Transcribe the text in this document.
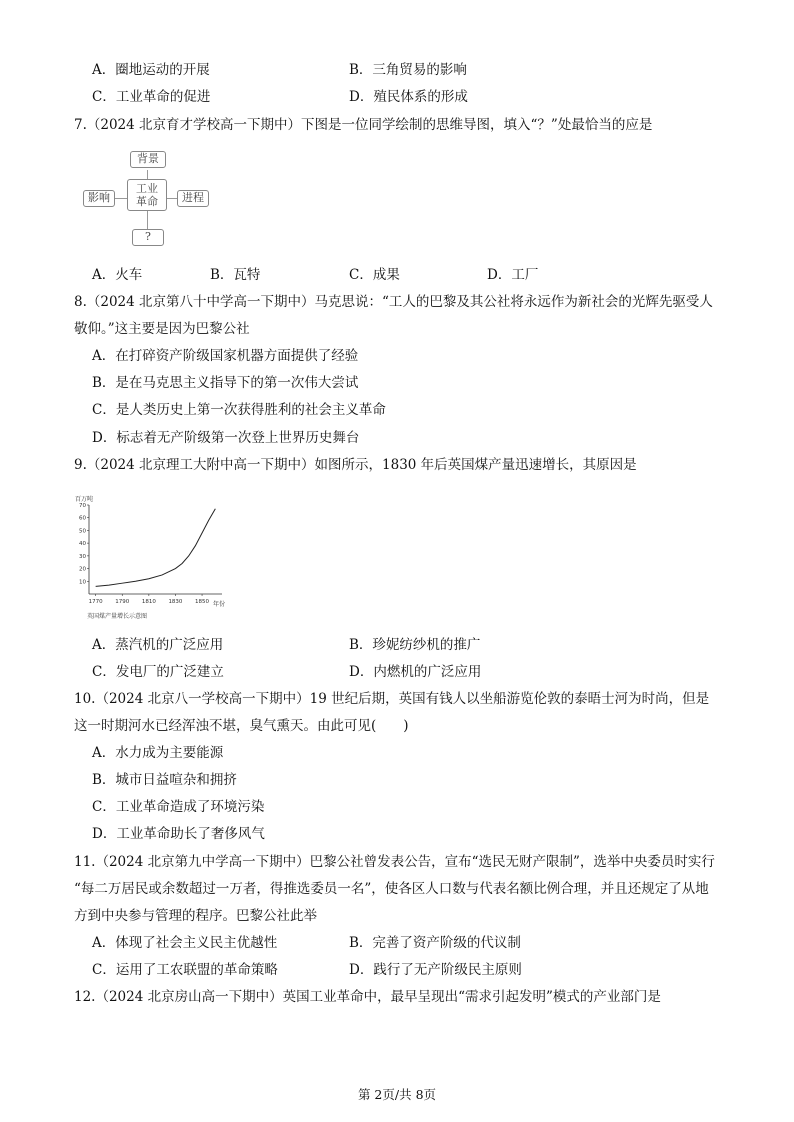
A．圈地运动的开展	B．三角贸易的影响
C．工业革命的促进	D．殖民体系的形成
7.（2024 北京育才学校高一下期中）下图是一位同学绘制的思维导图，填入“？”处最恰当的应是
背景
影响
工业
革命	进程
?
A．火车	B．瓦特	C．成果	D．工厂
8.（2024 北京第八十中学高一下期中）马克思说：“工人的巴黎及其公社将永远作为新社会的光辉先驱受人
敬仰。”这主要是因为巴黎公社
A．在打碎资产阶级国家机器方面提供了经验
B．是在马克思主义指导下的第一次伟大尝试
C．是人类历史上第一次获得胜利的社会主义革命
D．标志着无产阶级第一次登上世界历史舞台
9.（2024 北京理工大附中高一下期中）如图所示，1830 年后英国煤产量迅速增长，其原因是
百万吨
10
20
30
40
50
60
70
1770 1790 1810 1830 1850 年份
英国煤产量增长示意图
A．蒸汽机的广泛应用	B．珍妮纺纱机的推广
C．发电厂的广泛建立	D．内燃机的广泛应用
10.（2024 北京八一学校高一下期中）19 世纪后期，英国有钱人以坐船游览伦敦的泰晤士河为时尚，但是
这一时期河水已经浑浊不堪，臭气熏天。由此可见(　　)
A．水力成为主要能源
B．城市日益喧杂和拥挤
C．工业革命造成了环境污染
D．工业革命助长了奢侈风气
11.（2024 北京第九中学高一下期中）巴黎公社曾发表公告，宣布“选民无财产限制”，选举中央委员时实行
“每二万居民或余数超过一万者，得推选委员一名”，使各区人口数与代表名额比例合理，并且还规定了从地
方到中央参与管理的程序。巴黎公社此举
A．体现了社会主义民主优越性	B．完善了资产阶级的代议制
C．运用了工农联盟的革命策略	D．践行了无产阶级民主原则
12.（2024 北京房山高一下期中）英国工业革命中，最早呈现出“需求引起发明”模式的产业部门是
第 2页/共 8页
